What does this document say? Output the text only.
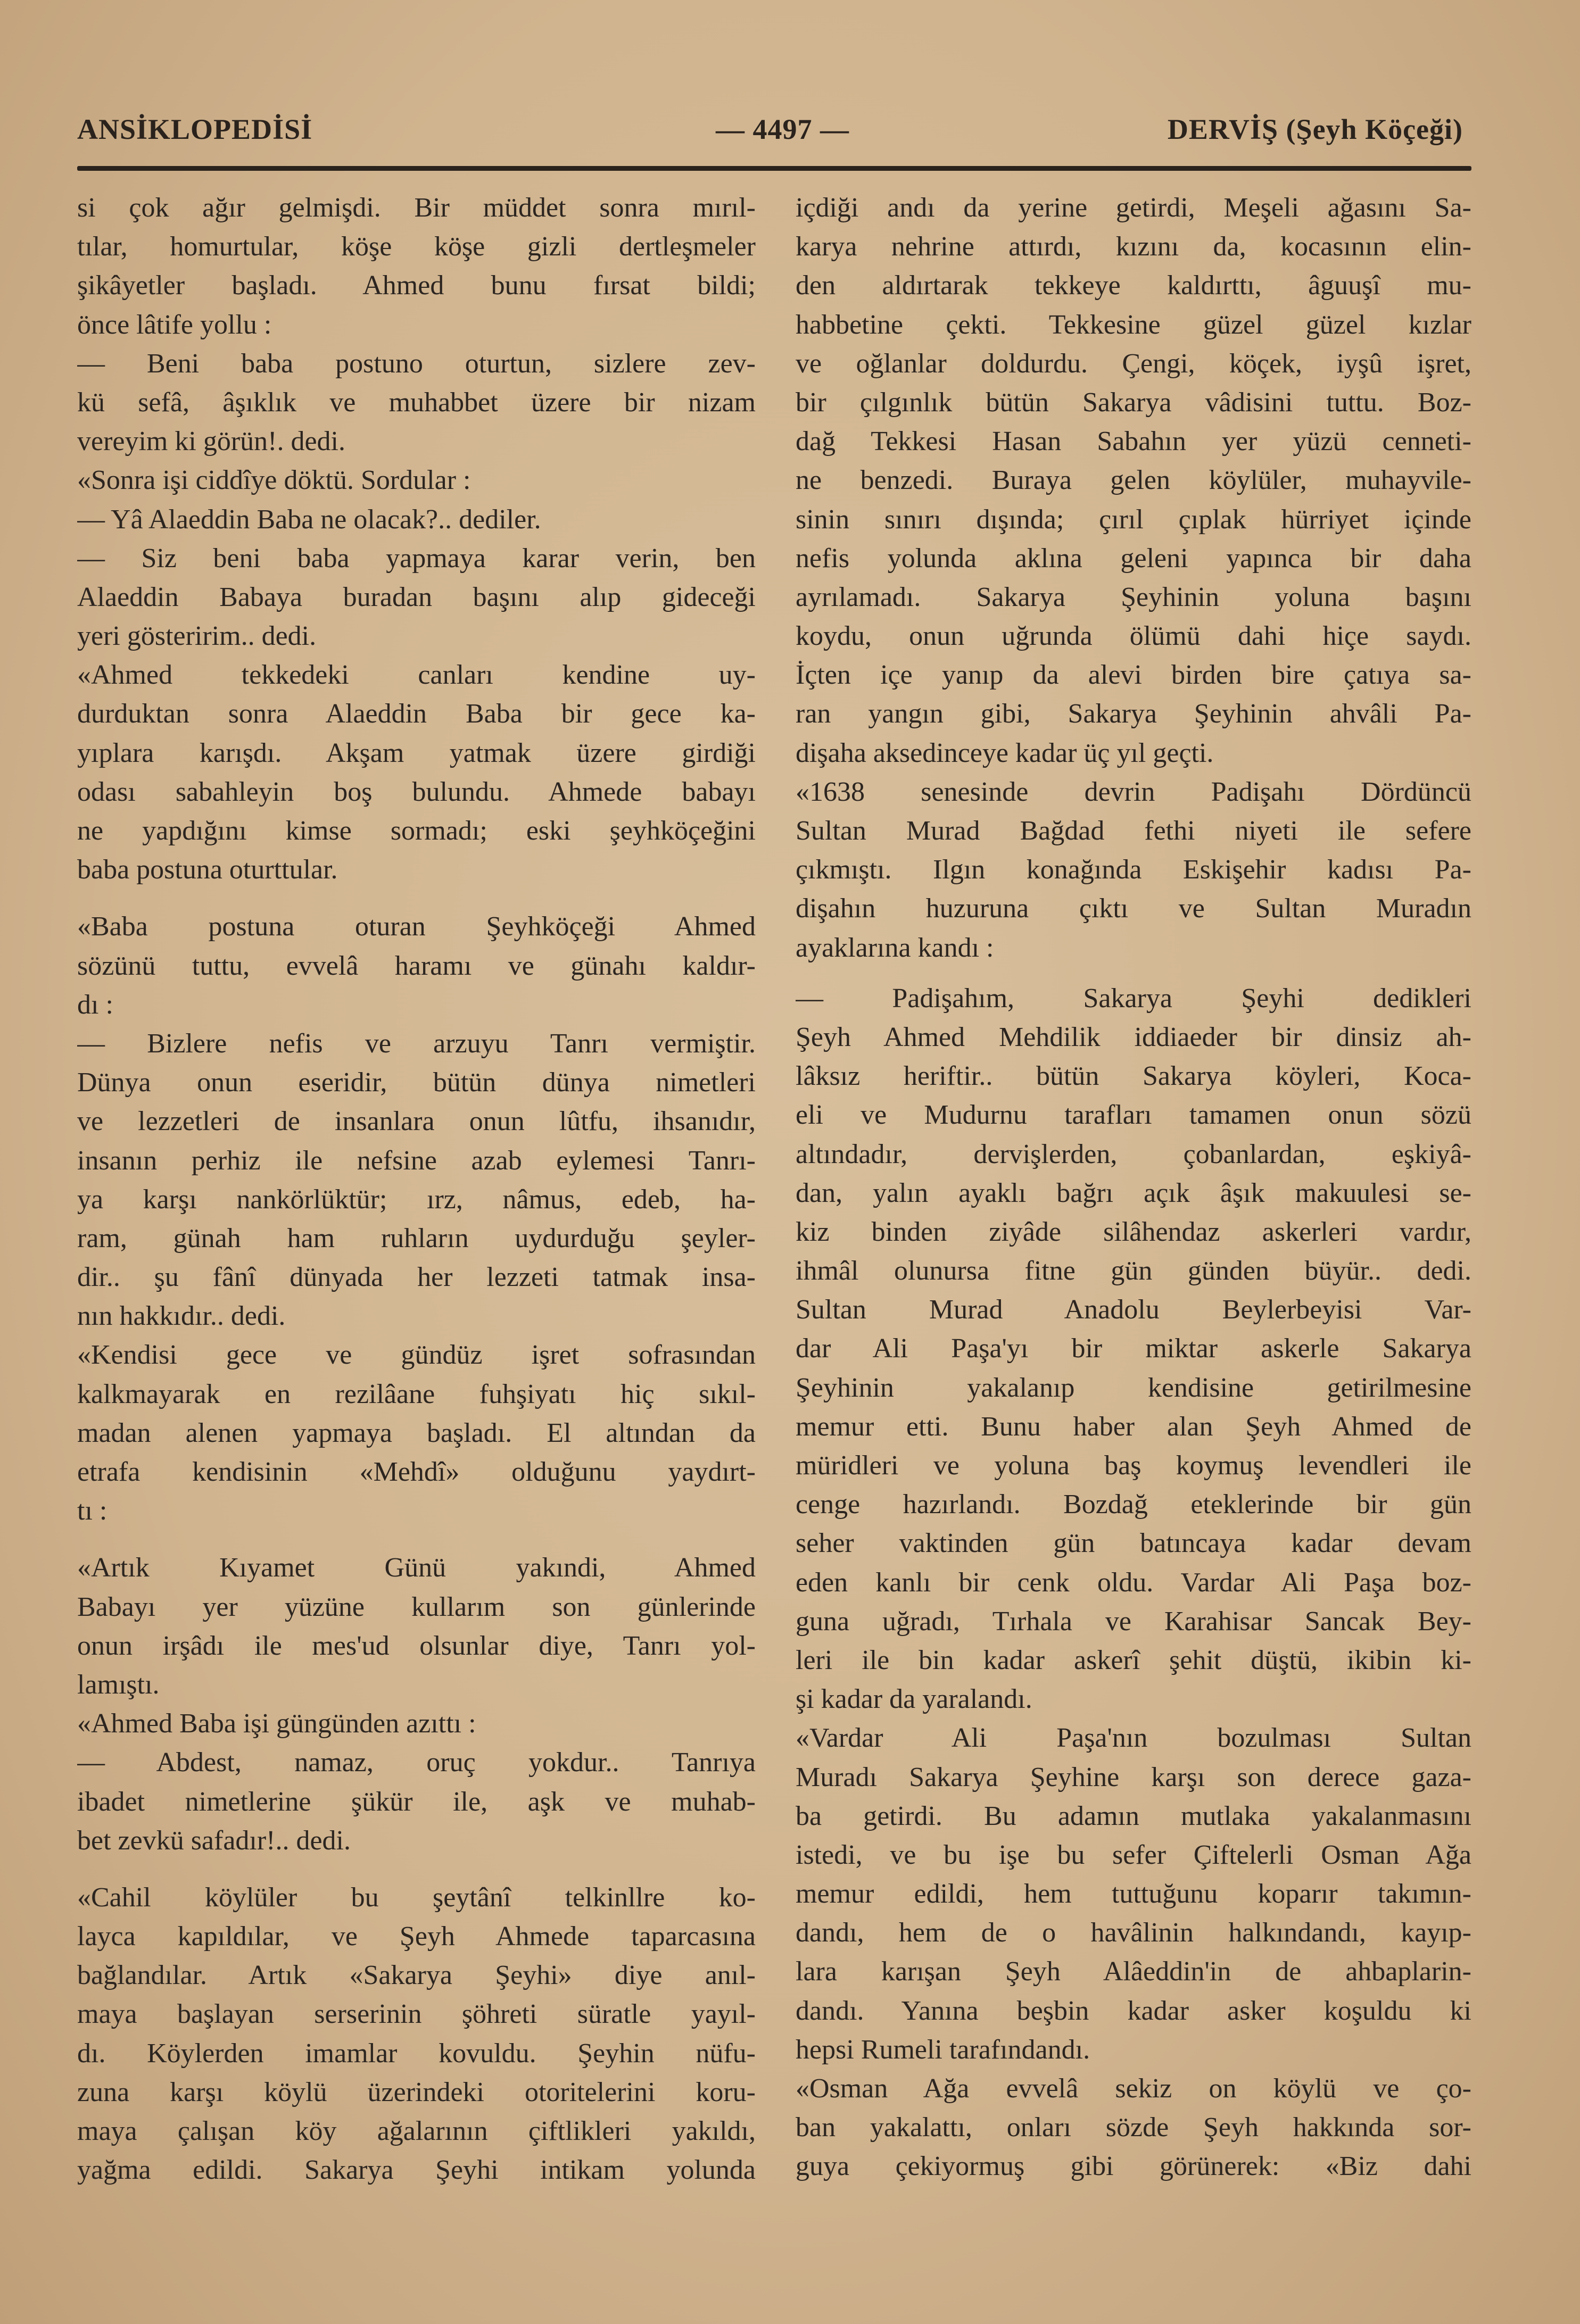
ANSİKLOPEDİSİ	— 4497 —	DERVİŞ (Şeyh Köçeği)
si çok ağır gelmişdi. Bir müddet sonra mırıl-
tılar, homurtular, köşe köşe gizli dertleşmeler
şikâyetler başladı. Ahmed bunu fırsat bildi;
önce lâtife yollu :
— Beni baba postuno oturtun, sizlere zev-
kü sefâ, âşıklık ve muhabbet üzere bir nizam
vereyim ki görün!. dedi.
«Sonra işi ciddîye döktü. Sordular :
— Yâ Alaeddin Baba ne olacak?.. dediler.
— Siz beni baba yapmaya karar verin, ben
Alaeddin Babaya buradan başını alıp gideceği
yeri gösteririm.. dedi.
«Ahmed tekkedeki canları kendine uy-
durduktan sonra Alaeddin Baba bir gece ka-
yıplara karışdı. Akşam yatmak üzere girdiği
odası sabahleyin boş bulundu. Ahmede babayı
ne yapdığını kimse sormadı; eski şeyhköçeğini
baba postuna oturttular.
«Baba postuna oturan Şeyhköçeği Ahmed
sözünü tuttu, evvelâ haramı ve günahı kaldır-
dı :
— Bizlere nefis ve arzuyu Tanrı vermiştir.
Dünya onun eseridir, bütün dünya nimetleri
ve lezzetleri de insanlara onun lûtfu, ihsanıdır,
insanın perhiz ile nefsine azab eylemesi Tanrı-
ya karşı nankörlüktür; ırz, nâmus, edeb, ha-
ram, günah ham ruhların uydurduğu şeyler-
dir.. şu fânî dünyada her lezzeti tatmak insa-
nın hakkıdır.. dedi.
«Kendisi gece ve gündüz işret sofrasından
kalkmayarak en rezilâane fuhşiyatı hiç sıkıl-
madan alenen yapmaya başladı. El altından da
etrafa kendisinin «Mehdî» olduğunu yaydırt-
tı :
«Artık Kıyamet Günü yakındi, Ahmed
Babayı yer yüzüne kullarım son günlerinde
onun irşâdı ile mes'ud olsunlar diye, Tanrı yol-
lamıştı.
«Ahmed Baba işi güngünden azıttı :
— Abdest, namaz, oruç yokdur.. Tanrıya
ibadet nimetlerine şükür ile, aşk ve muhab-
bet zevkü safadır!.. dedi.
«Cahil köylüler bu şeytânî telkinllre ko-
layca kapıldılar, ve Şeyh Ahmede taparcasına
bağlandılar. Artık «Sakarya Şeyhi» diye anıl-
maya başlayan serserinin şöhreti süratle yayıl-
dı. Köylerden imamlar kovuldu. Şeyhin nüfu-
zuna karşı köylü üzerindeki otoritelerini koru-
maya çalışan köy ağalarının çiftlikleri yakıldı,
yağma edildi. Sakarya Şeyhi intikam yolunda
içdiği andı da yerine getirdi, Meşeli ağasını Sa-
karya nehrine attırdı, kızını da, kocasının elin-
den aldırtarak tekkeye kaldırttı, âguuşî mu-
habbetine çekti. Tekkesine güzel güzel kızlar
ve oğlanlar doldurdu. Çengi, köçek, iyşû işret,
bir çılgınlık bütün Sakarya vâdisini tuttu. Boz-
dağ Tekkesi Hasan Sabahın yer yüzü cenneti-
ne benzedi. Buraya gelen köylüler, muhayvile-
sinin sınırı dışında; çırıl çıplak hürriyet içinde
nefis yolunda aklına geleni yapınca bir daha
ayrılamadı. Sakarya Şeyhinin yoluna başını
koydu, onun uğrunda ölümü dahi hiçe saydı.
İçten içe yanıp da alevi birden bire çatıya sa-
ran yangın gibi, Sakarya Şeyhinin ahvâli Pa-
dişaha aksedinceye kadar üç yıl geçti.
«1638 senesinde devrin Padişahı Dördüncü
Sultan Murad Bağdad fethi niyeti ile sefere
çıkmıştı. Ilgın konağında Eskişehir kadısı Pa-
dişahın huzuruna çıktı ve Sultan Muradın
ayaklarına kandı :
— Padişahım, Sakarya Şeyhi dedikleri
Şeyh Ahmed Mehdilik iddiaeder bir dinsiz ah-
lâksız heriftir.. bütün Sakarya köyleri, Koca-
eli ve Mudurnu tarafları tamamen onun sözü
altındadır, dervişlerden, çobanlardan, eşkiyâ-
dan, yalın ayaklı bağrı açık âşık makuulesi se-
kiz binden ziyâde silâhendaz askerleri vardır,
ihmâl olunursa fitne gün günden büyür.. dedi.
Sultan Murad Anadolu Beylerbeyisi Var-
dar Ali Paşa'yı bir miktar askerle Sakarya
Şeyhinin yakalanıp kendisine getirilmesine
memur etti. Bunu haber alan Şeyh Ahmed de
müridleri ve yoluna baş koymuş levendleri ile
cenge hazırlandı. Bozdağ eteklerinde bir gün
seher vaktinden gün batıncaya kadar devam
eden kanlı bir cenk oldu. Vardar Ali Paşa boz-
guna uğradı, Tırhala ve Karahisar Sancak Bey-
leri ile bin kadar askerî şehit düştü, ikibin ki-
şi kadar da yaralandı.
«Vardar Ali Paşa'nın bozulması Sultan
Muradı Sakarya Şeyhine karşı son derece gaza-
ba getirdi. Bu adamın mutlaka yakalanmasını
istedi, ve bu işe bu sefer Çiftelerli Osman Ağa
memur edildi, hem tuttuğunu koparır takımın-
dandı, hem de o havâlinin halkındandı, kayıp-
lara karışan Şeyh Alâeddin'in de ahbaplarin-
dandı. Yanına beşbin kadar asker koşuldu ki
hepsi Rumeli tarafındandı.
«Osman Ağa evvelâ sekiz on köylü ve ço-
ban yakalattı, onları sözde Şeyh hakkında sor-
guya çekiyormuş gibi görünerek: «Biz dahi
